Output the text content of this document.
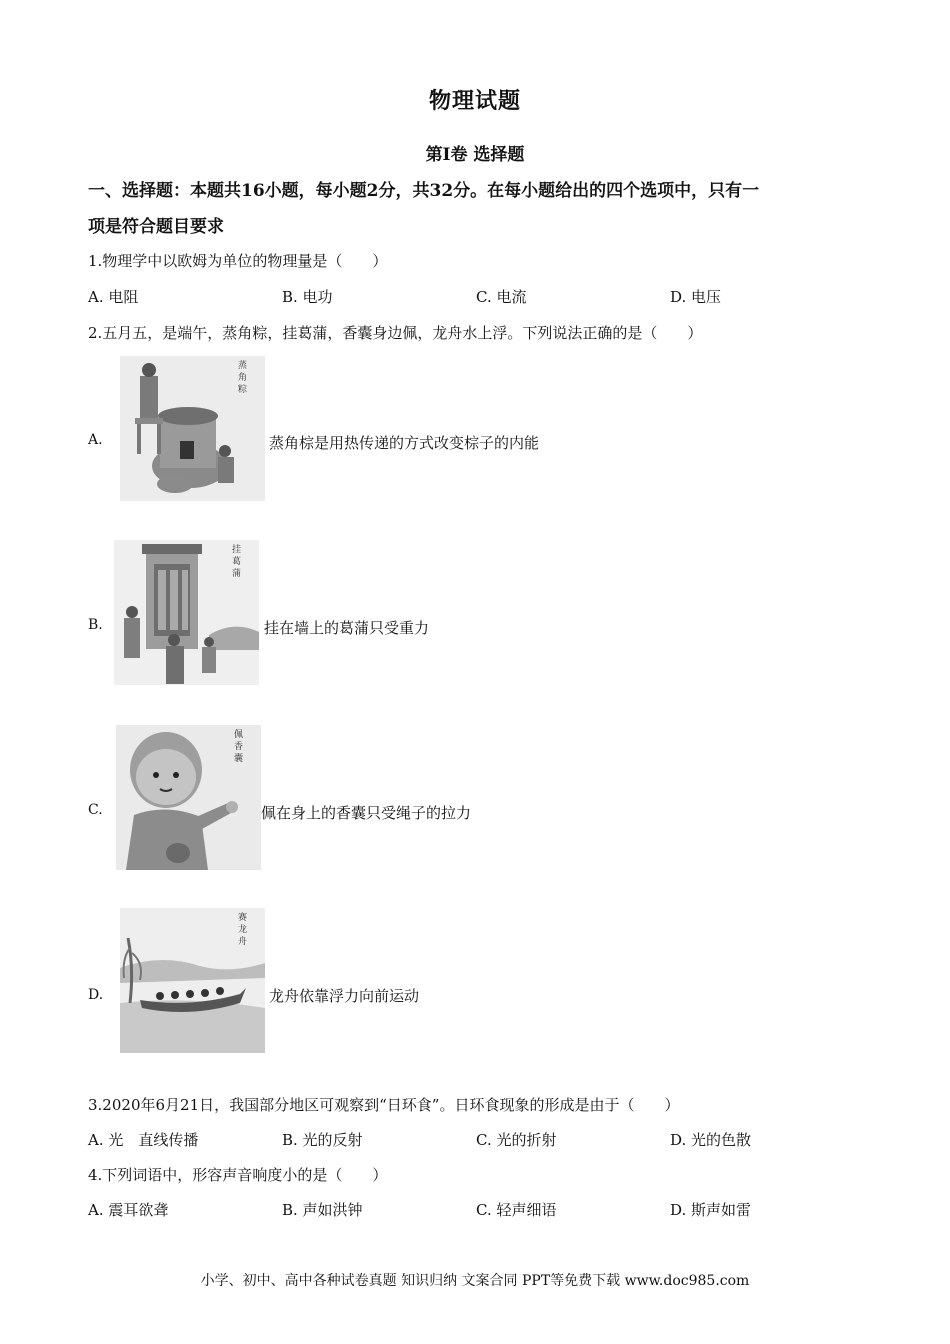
物理试题
第I卷 选择题
一、选择题：本题共16小题，每小题2分，共32分。在每小题给出的四个选项中，只有一
项是符合题目要求
1.物理学中以欧姆为单位的物理量是（　　）
A. 电阻	B. 电功	C. 电流	D. 电压
2.五月五，是端午，蒸角粽，挂葛蒲，香囊身边佩，龙舟水上浮。下列说法正确的是（　　）
A.
蒸
角
粽
蒸角棕是用热传递的方式改变棕子的内能
B.
挂
葛
蒲
挂在墙上的葛蒲只受重力
C.
佩
香
囊
佩在身上的香囊只受绳子的拉力
D.
赛
龙
舟
龙舟依靠浮力向前运动
3.2020年6月21日，我国部分地区可观察到“日环食”。日环食现象的形成是由于（　　）
A. 光　直线传播	B. 光的反射	C. 光的折射	D. 光的色散
4.下列词语中，形容声音响度小的是（　　）
A. 震耳欲聋	B. 声如洪钟	C. 轻声细语	D. 斯声如雷
小学、初中、高中各种试卷真题 知识归纳 文案合同 PPT等免费下载 www.doc985.com
